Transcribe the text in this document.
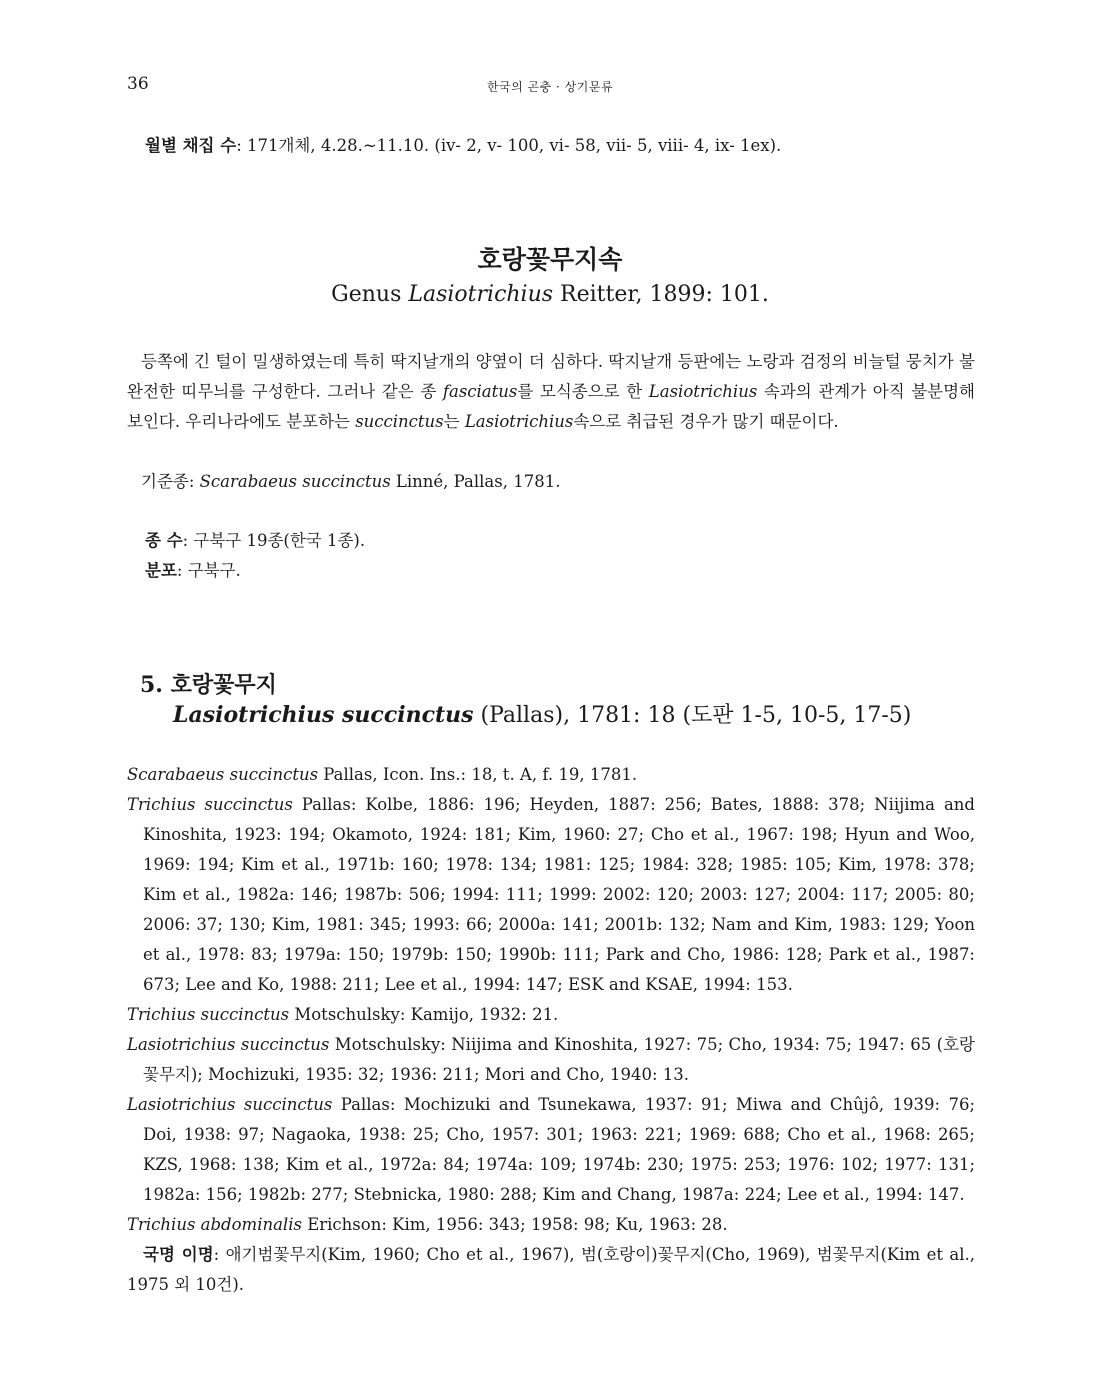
36	한국의 곤충 · 상기문류
월별 채집 수: 171개체, 4.28.~11.10. (iv- 2, v- 100, vi- 58, vii- 5, viii- 4, ix- 1ex).
호랑꽃무지속
Genus Lasiotrichius Reitter, 1899: 101.
등쪽에 긴 털이 밀생하였는데 특히 딱지날개의 양옆이 더 심하다. 딱지날개 등판에는 노랑과 검정의 비늘털 뭉치가 불완전한 띠무늬를 구성한다. 그러나 같은 종 fasciatus를 모식종으로 한 Lasiotrichius 속과의 관계가 아직 불분명해 보인다. 우리나라에도 분포하는 succinctus는 Lasiotrichius속으로 취급된 경우가 많기 때문이다.
기준종: Scarabaeus succinctus Linné, Pallas, 1781.
종 수: 구북구 19종(한국 1종).
분포: 구북구.
5. 호랑꽃무지
Lasiotrichius succinctus (Pallas), 1781: 18 (도판 1-5, 10-5, 17-5)
Scarabaeus succinctus Pallas, Icon. Ins.: 18, t. A, f. 19, 1781.
Trichius succinctus Pallas: Kolbe, 1886: 196; Heyden, 1887: 256; Bates, 1888: 378; Niijima and Kinoshita, 1923: 194; Okamoto, 1924: 181; Kim, 1960: 27; Cho et al., 1967: 198; Hyun and Woo, 1969: 194; Kim et al., 1971b: 160; 1978: 134; 1981: 125; 1984: 328; 1985: 105; Kim, 1978: 378; Kim et al., 1982a: 146; 1987b: 506; 1994: 111; 1999: 2002: 120; 2003: 127; 2004: 117; 2005: 80; 2006: 37; 130; Kim, 1981: 345; 1993: 66; 2000a: 141; 2001b: 132; Nam and Kim, 1983: 129; Yoon et al., 1978: 83; 1979a: 150; 1979b: 150; 1990b: 111; Park and Cho, 1986: 128; Park et al., 1987: 673; Lee and Ko, 1988: 211; Lee et al., 1994: 147; ESK and KSAE, 1994: 153.
Trichius succinctus Motschulsky: Kamijo, 1932: 21.
Lasiotrichius succinctus Motschulsky: Niijima and Kinoshita, 1927: 75; Cho, 1934: 75; 1947: 65 (호랑꽃무지); Mochizuki, 1935: 32; 1936: 211; Mori and Cho, 1940: 13.
Lasiotrichius succinctus Pallas: Mochizuki and Tsunekawa, 1937: 91; Miwa and Chûjô, 1939: 76; Doi, 1938: 97; Nagaoka, 1938: 25; Cho, 1957: 301; 1963: 221; 1969: 688; Cho et al., 1968: 265; KZS, 1968: 138; Kim et al., 1972a: 84; 1974a: 109; 1974b: 230; 1975: 253; 1976: 102; 1977: 131; 1982a: 156; 1982b: 277; Stebnicka, 1980: 288; Kim and Chang, 1987a: 224; Lee et al., 1994: 147.
Trichius abdominalis Erichson: Kim, 1956: 343; 1958: 98; Ku, 1963: 28.
국명 이명: 애기범꽃무지(Kim, 1960; Cho et al., 1967), 범(호랑이)꽃무지(Cho, 1969), 범꽃무지(Kim et al., 1975 외 10건).
